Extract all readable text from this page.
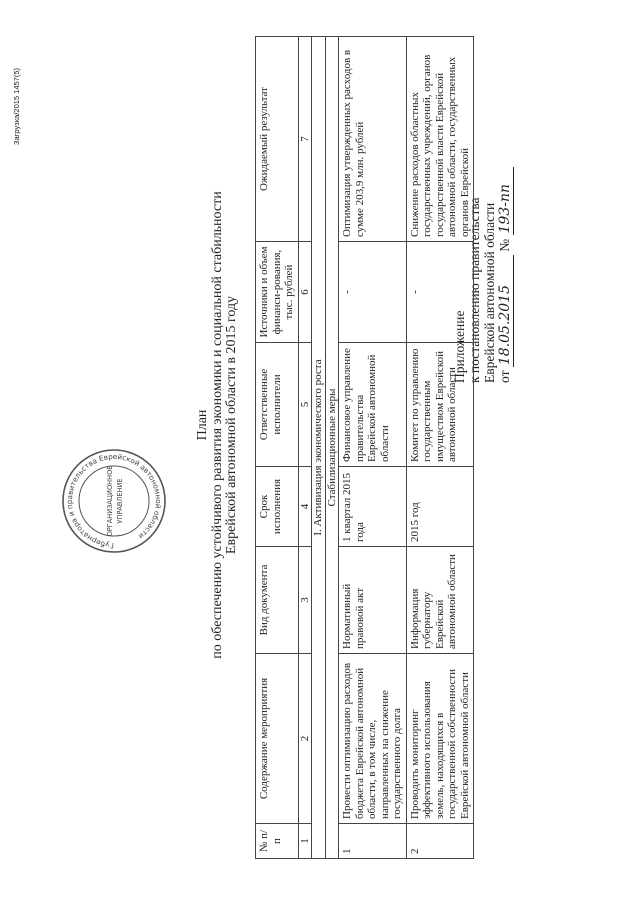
Губернатора и правительства Еврейской автономной области
ОРГАНИЗАЦИОННОЕ УПРАВЛЕНИЕ
Приложение к постановлению правительства Еврейской автономной области от 18.05.2015 № 193-пп
План по обеспечению устойчивого развития экономики и социальной стабильности Еврейской автономной области в 2015 году
№ п/п	Содержание мероприятия	Вид документа	Срок исполнения	Ответственные исполнители	Источники и объем финанси-рования, тыс. рублей	Ожидаемый результат
1	2	3	4	5	6	7
I. Активизация экономического роста						
Стабилизационные меры						
1	Провести оптимизацию расходов бюджета Еврейской автономной области, в том числе, направленных на снижение государственного долга	Нормативный правовой акт	1 квартал 2015 года	Финансовое управление правительства Еврейской автономной области	-	Оптимизация утвержденных расходов в сумме 203,9 млн. рублей
2	Проводить мониторинг эффективного использования земель, находящихся в государственной собственности Еврейской автономной области	Информация губернатору Еврейской автономной области	2015 год	Комитет по управлению государственным имуществом Еврейской автономной области	-	Снижение расходов областных государственных учреждений, органов государственной власти Еврейской автономной области, государственных органов Еврейской
Загрузка/2015 1457(5)
